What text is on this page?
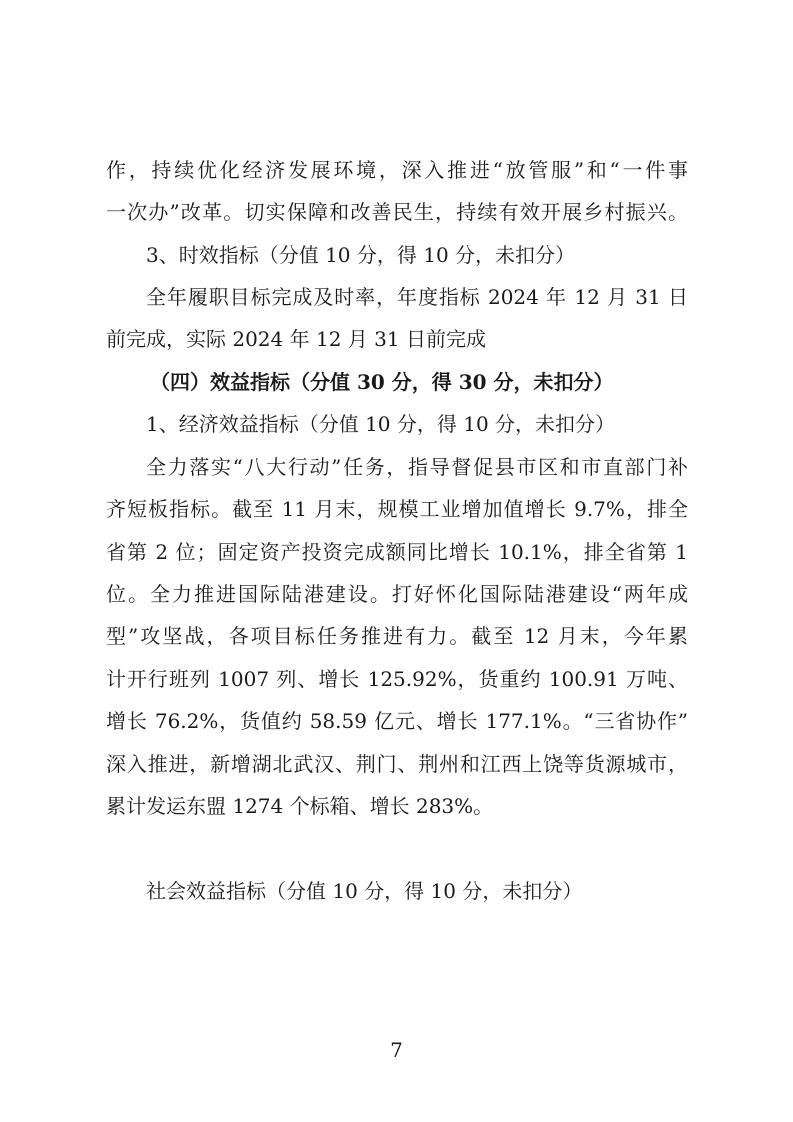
作，持续优化经济发展环境，深入推进“放管服”和“一件事
一次办”改革。切实保障和改善民生，持续有效开展乡村振兴。
3、时效指标（分值 10 分，得 10 分，未扣分）
全年履职目标完成及时率，年度指标 2024 年 12 月 31 日
前完成，实际 2024 年 12 月 31 日前完成
（四）效益指标（分值 30 分，得 30 分，未扣分）
1、经济效益指标（分值 10 分，得 10 分，未扣分）
全力落实“八大行动”任务，指导督促县市区和市直部门补
齐短板指标。截至 11 月末，规模工业增加值增长 9.7%，排全
省第 2 位；固定资产投资完成额同比增长 10.1%，排全省第 1
位。全力推进国际陆港建设。打好怀化国际陆港建设“两年成
型”攻坚战，各项目标任务推进有力。截至 12 月末，今年累
计开行班列 1007 列、增长 125.92%，货重约 100.91 万吨、
增长 76.2%，货值约 58.59 亿元、增长 177.1%。“三省协作”
深入推进，新增湖北武汉、荆门、荆州和江西上饶等货源城市，
累计发运东盟 1274 个标箱、增长 283%。
社会效益指标（分值 10 分，得 10 分，未扣分）
7
